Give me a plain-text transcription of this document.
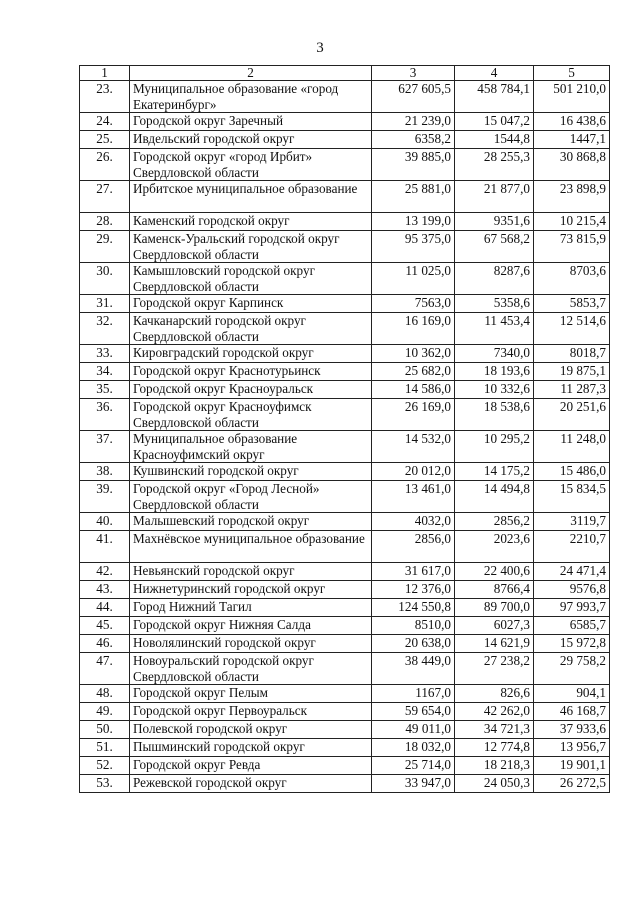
3
1	2	3	4	5
23.	Муниципальное образование «город Екатеринбург»	627 605,5	458 784,1	501 210,0
24.	Городской округ Заречный	21 239,0	15 047,2	16 438,6
25.	Ивдельский городской округ	6358,2	1544,8	1447,1
26.	Городской округ «город Ирбит» Свердловской области	39 885,0	28 255,3	30 868,8
27.	Ирбитское муниципальное образование	25 881,0	21 877,0	23 898,9
28.	Каменский городской округ	13 199,0	9351,6	10 215,4
29.	Каменск-Уральский городской округ Свердловской области	95 375,0	67 568,2	73 815,9
30.	Камышловский городской округ Свердловской области	11 025,0	8287,6	8703,6
31.	Городской округ Карпинск	7563,0	5358,6	5853,7
32.	Качканарский городской округ Свердловской области	16 169,0	11 453,4	12 514,6
33.	Кировградский городской округ	10 362,0	7340,0	8018,7
34.	Городской округ Краснотурьинск	25 682,0	18 193,6	19 875,1
35.	Городской округ Красноуральск	14 586,0	10 332,6	11 287,3
36.	Городской округ Красноуфимск Свердловской области	26 169,0	18 538,6	20 251,6
37.	Муниципальное образование Красноуфимский округ	14 532,0	10 295,2	11 248,0
38.	Кушвинский городской округ	20 012,0	14 175,2	15 486,0
39.	Городской округ «Город Лесной» Свердловской области	13 461,0	14 494,8	15 834,5
40.	Малышевский городской округ	4032,0	2856,2	3119,7
41.	Махнёвское муниципальное образование	2856,0	2023,6	2210,7
42.	Невьянский городской округ	31 617,0	22 400,6	24 471,4
43.	Нижнетуринский городской округ	12 376,0	8766,4	9576,8
44.	Город Нижний Тагил	124 550,8	89 700,0	97 993,7
45.	Городской округ Нижняя Салда	8510,0	6027,3	6585,7
46.	Новолялинский городской округ	20 638,0	14 621,9	15 972,8
47.	Новоуральский городской округ Свердловской области	38 449,0	27 238,2	29 758,2
48.	Городской округ Пелым	1167,0	826,6	904,1
49.	Городской округ Первоуральск	59 654,0	42 262,0	46 168,7
50.	Полевской городской округ	49 011,0	34 721,3	37 933,6
51.	Пышминский городской округ	18 032,0	12 774,8	13 956,7
52.	Городской округ Ревда	25 714,0	18 218,3	19 901,1
53.	Режевской городской округ	33 947,0	24 050,3	26 272,5
